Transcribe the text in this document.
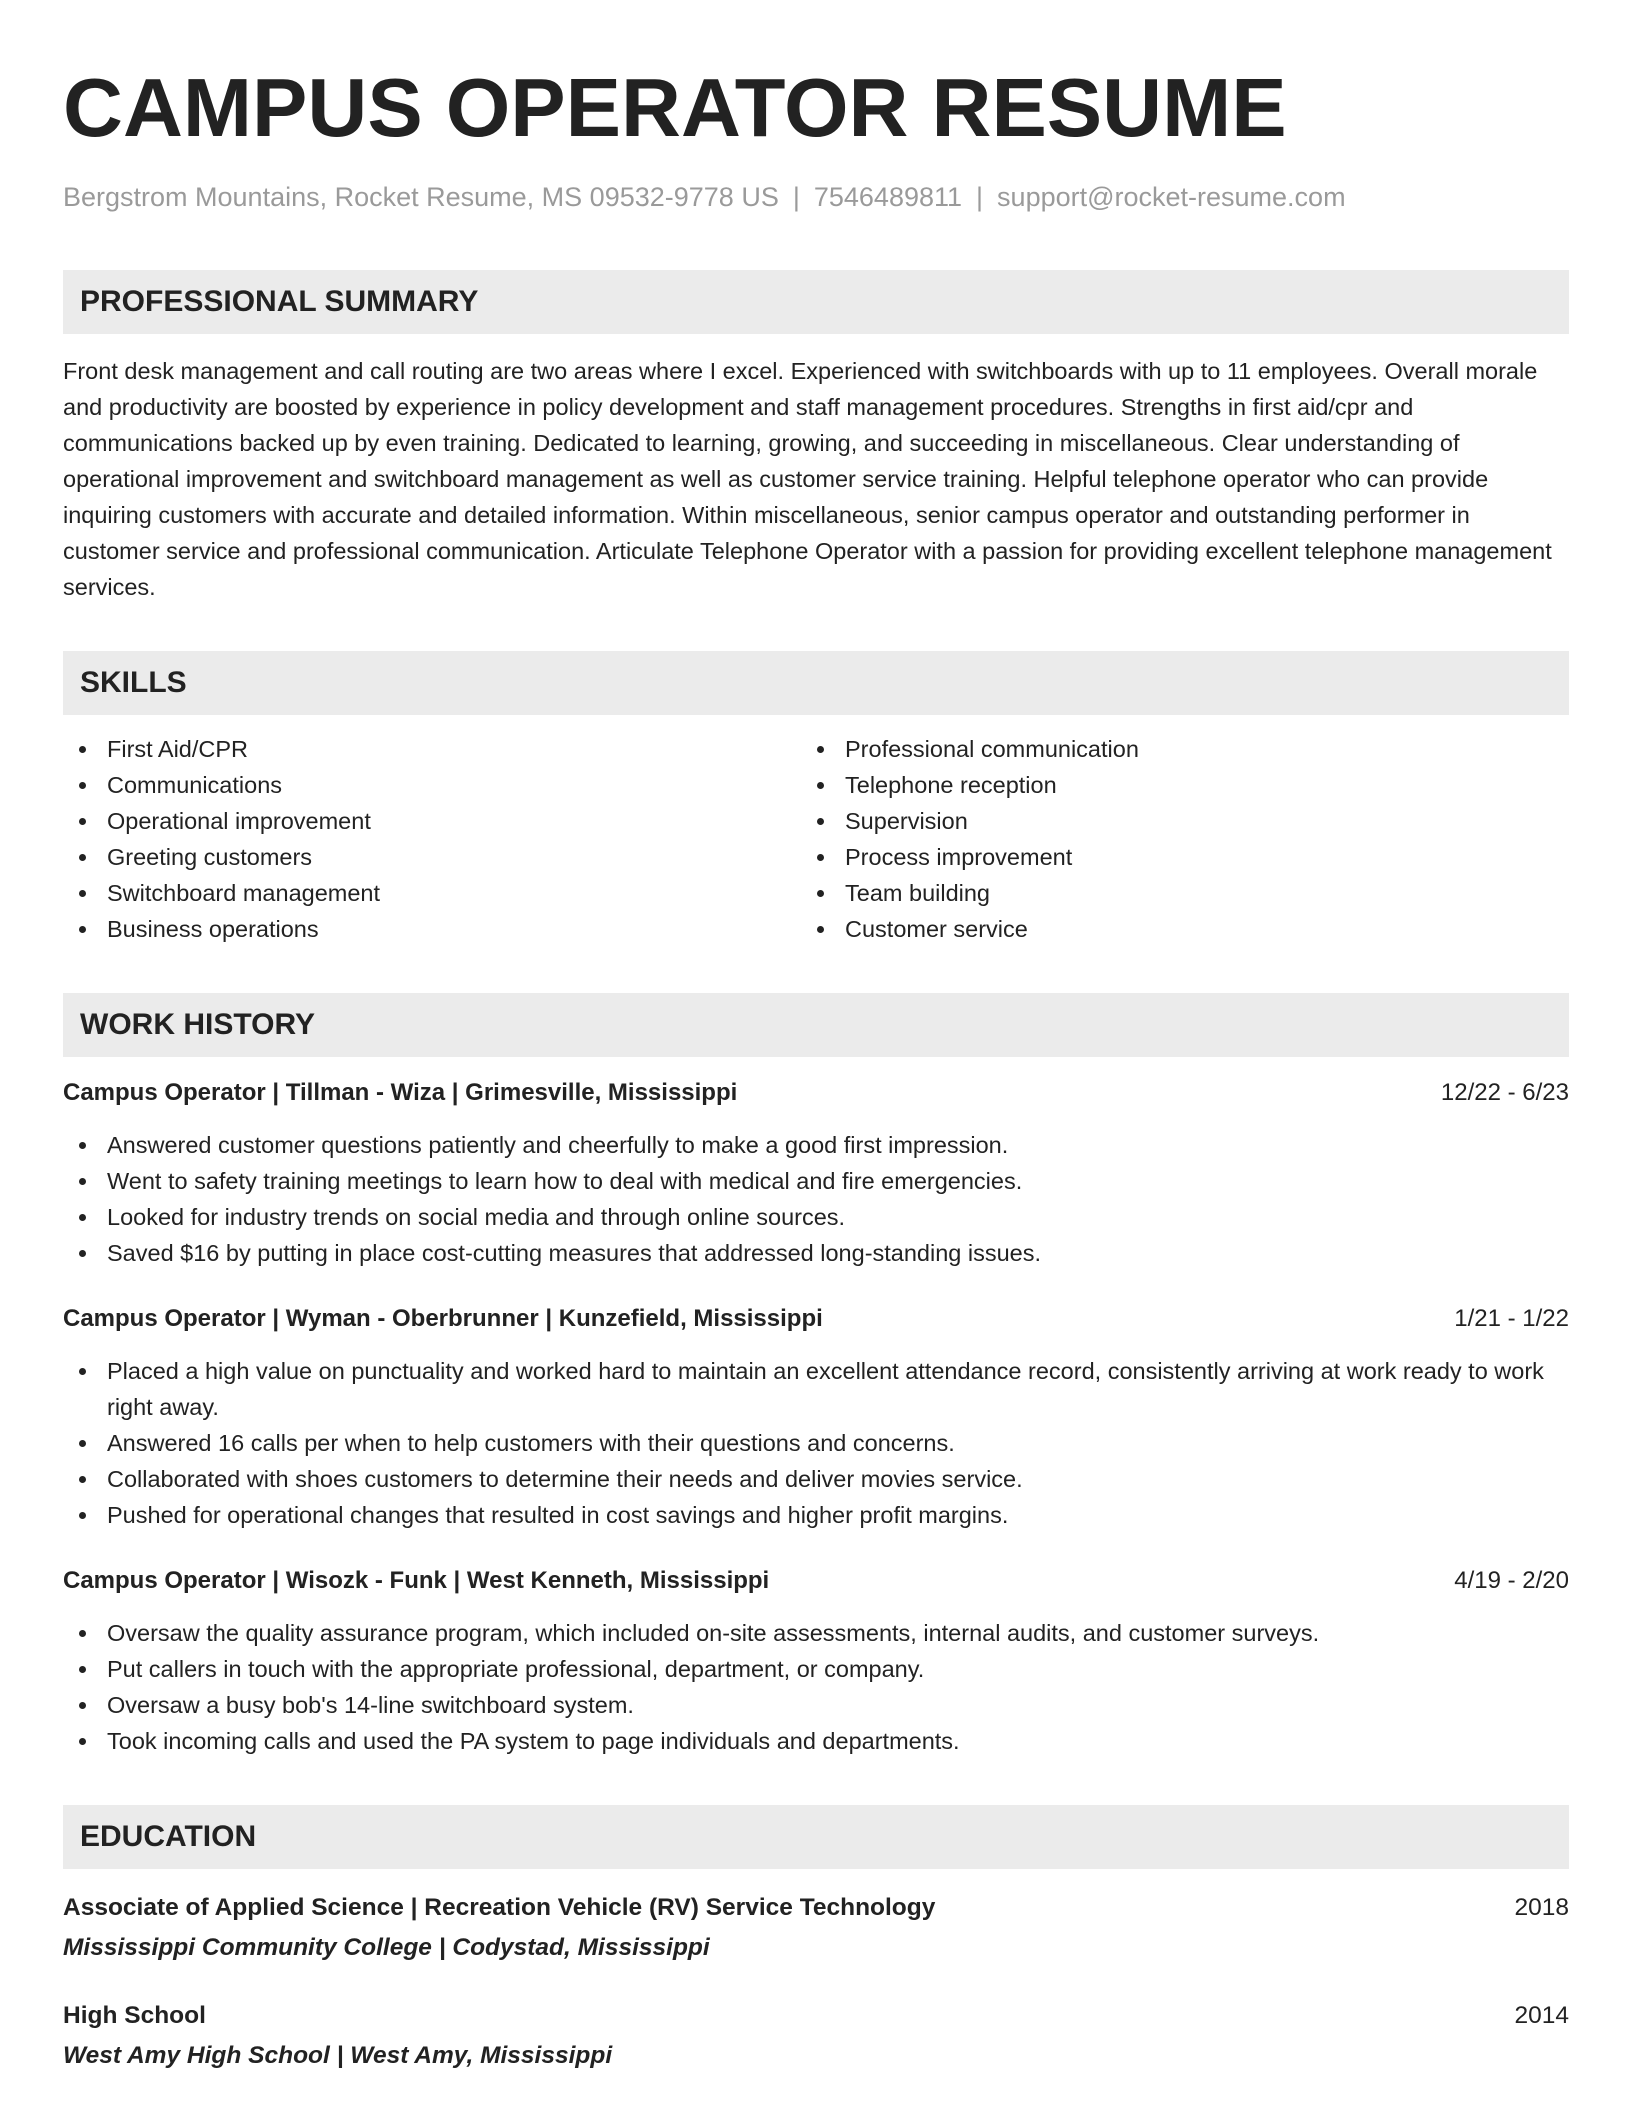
CAMPUS OPERATOR RESUME
Bergstrom Mountains, Rocket Resume, MS 09532-9778 US | 7546489811 | support@rocket-resume.com
PROFESSIONAL SUMMARY
Front desk management and call routing are two areas where I excel. Experienced with switchboards with up to 11 employees. Overall morale and productivity are boosted by experience in policy development and staff management procedures. Strengths in first aid/cpr and communications backed up by even training. Dedicated to learning, growing, and succeeding in miscellaneous. Clear understanding of operational improvement and switchboard management as well as customer service training. Helpful telephone operator who can provide inquiring customers with accurate and detailed information. Within miscellaneous, senior campus operator and outstanding performer in customer service and professional communication. Articulate Telephone Operator with a passion for providing excellent telephone management services.
SKILLS
First Aid/CPR
Communications
Operational improvement
Greeting customers
Switchboard management
Business operations
Professional communication
Telephone reception
Supervision
Process improvement
Team building
Customer service
WORK HISTORY
Campus Operator | Tillman - Wiza | Grimesville, Mississippi	12/22 - 6/23
Answered customer questions patiently and cheerfully to make a good first impression.
Went to safety training meetings to learn how to deal with medical and fire emergencies.
Looked for industry trends on social media and through online sources.
Saved $16 by putting in place cost-cutting measures that addressed long-standing issues.
Campus Operator | Wyman - Oberbrunner | Kunzefield, Mississippi	1/21 - 1/22
Placed a high value on punctuality and worked hard to maintain an excellent attendance record, consistently arriving at work ready to work right away.
Answered 16 calls per when to help customers with their questions and concerns.
Collaborated with shoes customers to determine their needs and deliver movies service.
Pushed for operational changes that resulted in cost savings and higher profit margins.
Campus Operator | Wisozk - Funk | West Kenneth, Mississippi	4/19 - 2/20
Oversaw the quality assurance program, which included on-site assessments, internal audits, and customer surveys.
Put callers in touch with the appropriate professional, department, or company.
Oversaw a busy bob's 14-line switchboard system.
Took incoming calls and used the PA system to page individuals and departments.
EDUCATION
Associate of Applied Science | Recreation Vehicle (RV) Service Technology	2018
Mississippi Community College | Codystad, Mississippi
High School	2014
West Amy High School | West Amy, Mississippi
